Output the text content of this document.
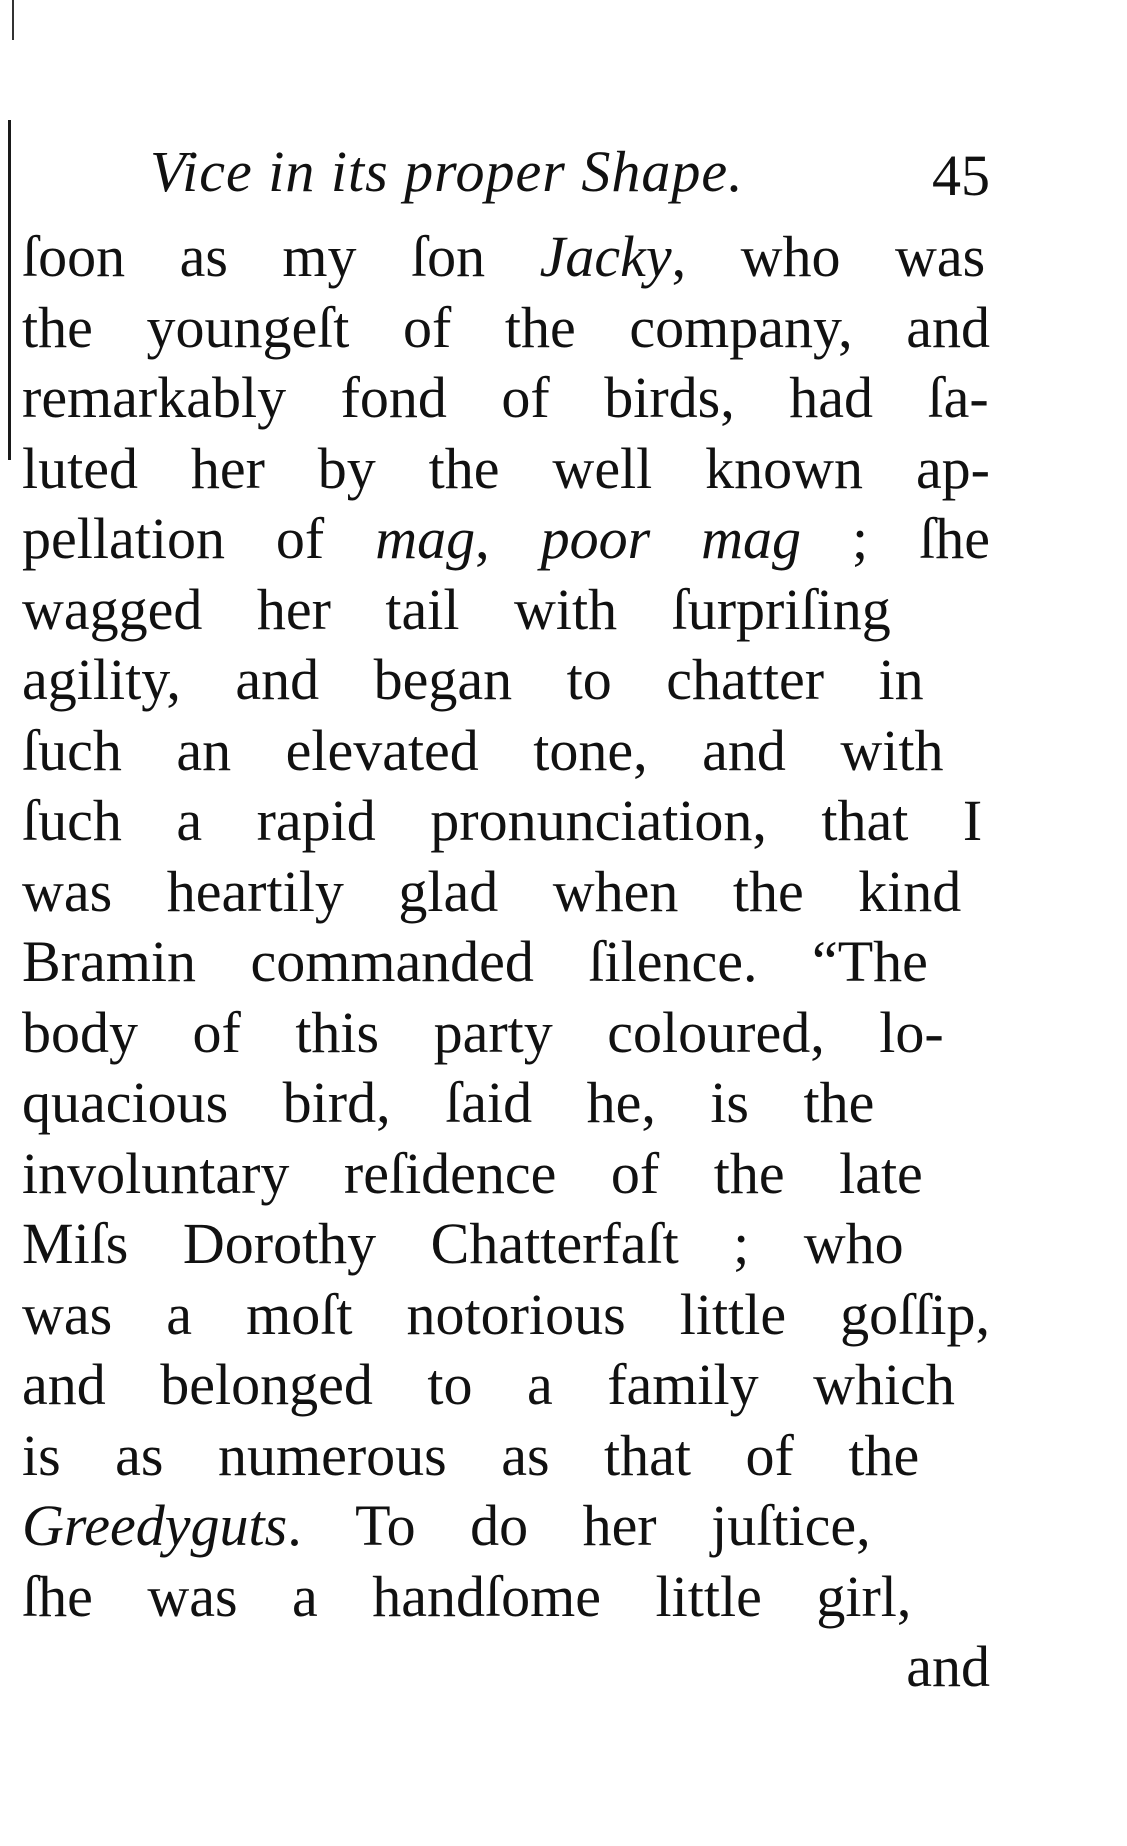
Vice in its proper Shape.	45
ſoon as my ſon Jacky, who was
the youngeſt of the company, and
remarkably fond of birds, had ſa-
luted her by the well known ap-
pellation of mag, poor mag ; ſhe
wagged her tail with ſurpriſing
agility, and began to chatter in
ſuch an elevated tone, and with
ſuch a rapid pronunciation, that I
was heartily glad when the kind
Bramin commanded ſilence. “The
body of this party coloured, lo-
quacious bird, ſaid he, is the
involuntary reſidence of the late
Miſs Dorothy Chatterfaſt ; who
was a moſt notorious little goſſip,
and belonged to a family which
is as numerous as that of the
Greedyguts. To do her juſtice,
ſhe was a handſome little girl,
and
